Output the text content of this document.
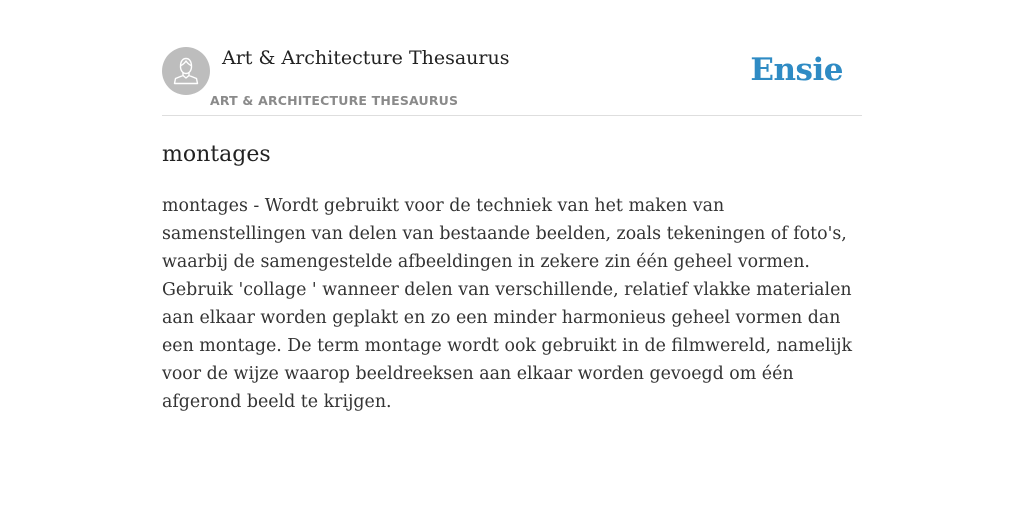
Art & Architecture Thesaurus
ART & ARCHITECTURE THESAURUS
Ensie
montages

montages - Wordt gebruikt voor de techniek van het maken van samenstellingen van delen van bestaande beelden, zoals tekeningen of foto's, waarbij de samengestelde afbeeldingen in zekere zin één geheel vormen. Gebruik 'collage ' wanneer delen van verschillende, relatief vlakke materialen aan elkaar worden geplakt en zo een minder harmonieus geheel vormen dan een montage. De term montage wordt ook gebruikt in de filmwereld, namelijk voor de wijze waarop beeldreeksen aan elkaar worden gevoegd om één afgerond beeld te krijgen.
